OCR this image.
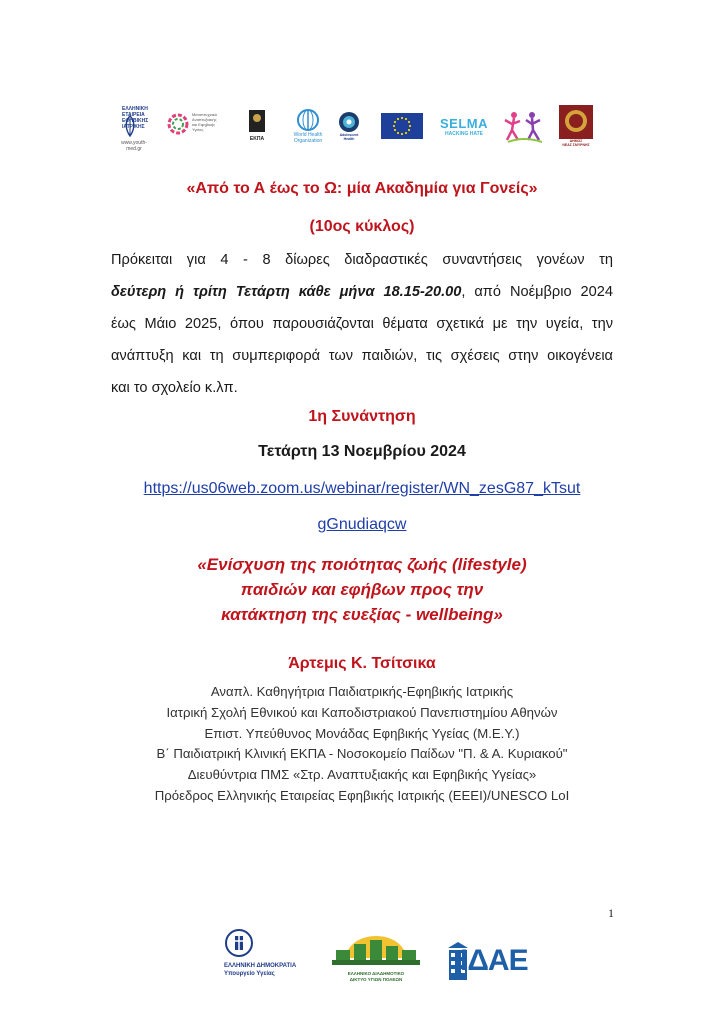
ΕΛΛΗΝΙΚΗ
ΕΤΑΙΡΕΙΑ
ΕΦΗΒΙΚΗΣ
ΙΑΤΡΙΚΗΣ
www.youth-med.gr
Μεταπτυχιακό
Αναπτυξιακής
και Εφηβικής
Υγείας
ΕΚΠΑ
World Health
Organization
Adolescent Health
SELMA
HACKING HATE
ΔΗΜΟΣ
ΝΕΑΣ ΣΜΥΡΝΗΣ
«Από το Α έως το Ω: μία Ακαδημία για Γονείς»
(10ος κύκλος)
Πρόκειται για 4 - 8 δίωρες διαδραστικές συναντήσεις γονέων τη
δεύτερη ή τρίτη Τετάρτη κάθε μήνα 18.15-20.00, από Νοέμβριο 2024
έως Μάιο 2025, όπου παρουσιάζονται θέματα σχετικά με την υγεία, την
ανάπτυξη και τη συμπεριφορά των παιδιών, τις σχέσεις στην οικογένεια
και το σχολείο κ.λπ.
1η Συνάντηση
Τετάρτη 13 Νοεμβρίου 2024
https://us06web.zoom.us/webinar/register/WN_zesG87_kTsut
gGnudiaqcw
«Ενίσχυση της ποιότητας ζωής (lifestyle)
παιδιών και εφήβων προς την
κατάκτηση της ευεξίας - wellbeing»
Άρτεμις Κ. Τσίτσικα
Αναπλ. Καθηγήτρια Παιδιατρικής-Εφηβικής Ιατρικής
Ιατρική Σχολή Εθνικού και Καποδιστριακού Πανεπιστημίου Αθηνών
Επιστ. Υπεύθυνος Μονάδας Εφηβικής Υγείας (Μ.Ε.Υ.)
Β΄ Παιδιατρική Κλινική ΕΚΠΑ - Νοσοκομείο Παίδων "Π. & Α. Κυριακού"
Διευθύντρια ΠΜΣ «Στρ. Αναπτυξιακής και Εφηβικής Υγείας»
Πρόεδρος Ελληνικής Εταιρείας Εφηβικής Ιατρικής (ΕΕΕΙ)/UNESCO LoI
1
ΕΛΛΗΝΙΚΗ ΔΗΜΟΚΡΑΤΙΑ
Υπουργείο Υγείας	ΕΛΛΗΝΙΚΟ ΔΙΑΔΗΜΟΤΙΚΟ
ΔΙΚΤΥΟ ΥΓΙΩΝ ΠΟΛΕΩΝ
ΙΔΑΕ
